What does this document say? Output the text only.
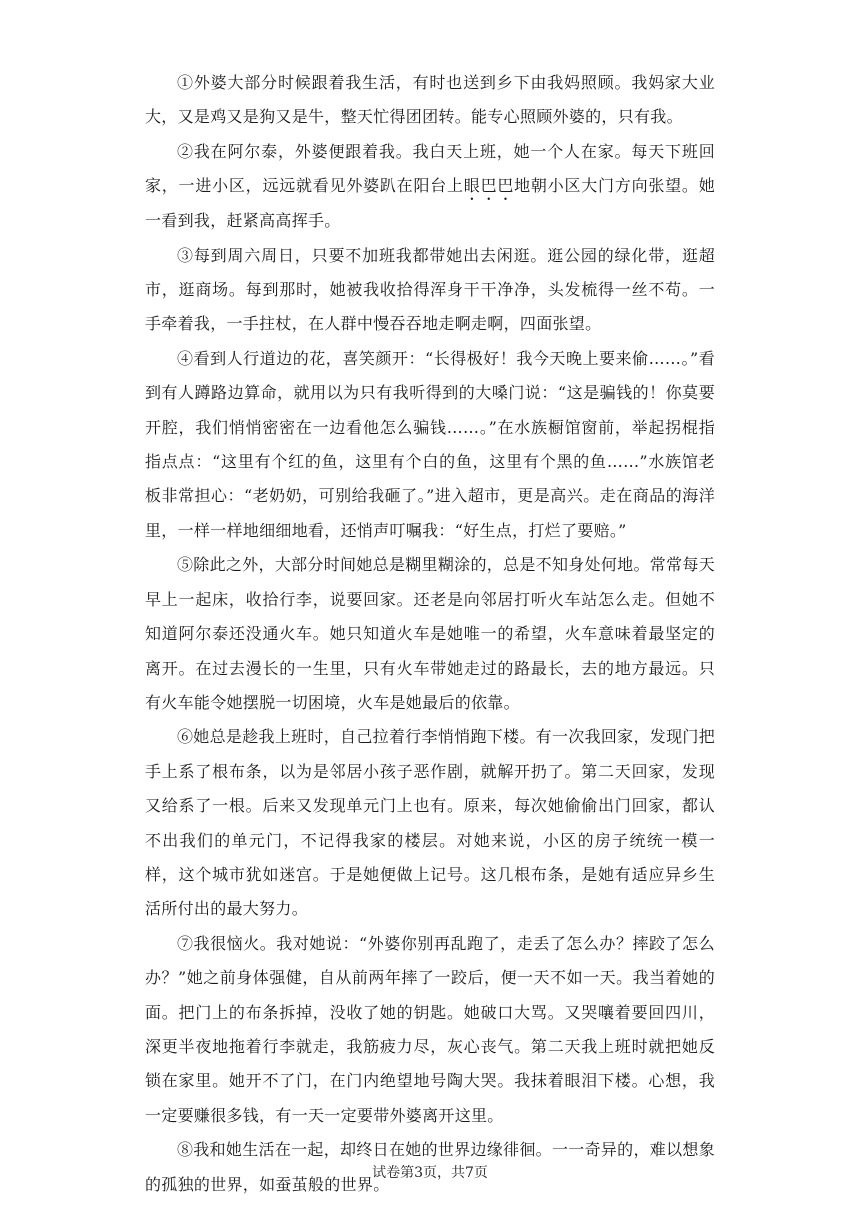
①外婆大部分时候跟着我生活，有时也送到乡下由我妈照顾。我妈家大业大，又是鸡又是狗又是牛，整天忙得团团转。能专心照顾外婆的，只有我。

②我在阿尔泰，外婆便跟着我。我白天上班，她一个人在家。每天下班回家，一进小区，远远就看见外婆趴在阳台上眼巴巴地朝小区大门方向张望。她一看到我，赶紧高高挥手。

③每到周六周日，只要不加班我都带她出去闲逛。逛公园的绿化带，逛超市，逛商场。每到那时，她被我收拾得浑身干干净净，头发梳得一丝不苟。一手牵着我，一手拄杖，在人群中慢吞吞地走啊走啊，四面张望。

④看到人行道边的花，喜笑颜开：“长得极好！我今天晚上要来偷……。”看到有人蹲路边算命，就用以为只有我听得到的大嗓门说：“这是骗钱的！你莫要开腔，我们悄悄密密在一边看他怎么骗钱……。”在水族橱馆窗前，举起拐棍指指点点：“这里有个红的鱼，这里有个白的鱼，这里有个黑的鱼……”水族馆老板非常担心：“老奶奶，可别给我砸了。”进入超市，更是高兴。走在商品的海洋里，一样一样地细细地看，还悄声叮嘱我：“好生点，打烂了要赔。”

⑤除此之外，大部分时间她总是糊里糊涂的，总是不知身处何地。常常每天早上一起床，收拾行李，说要回家。还老是向邻居打听火车站怎么走。但她不知道阿尔泰还没通火车。她只知道火车是她唯一的希望，火车意味着最坚定的离开。在过去漫长的一生里，只有火车带她走过的路最长，去的地方最远。只有火车能令她摆脱一切困境，火车是她最后的依靠。

⑥她总是趁我上班时，自己拉着行李悄悄跑下楼。有一次我回家，发现门把手上系了根布条，以为是邻居小孩子恶作剧，就解开扔了。第二天回家，发现又给系了一根。后来又发现单元门上也有。原来，每次她偷偷出门回家，都认不出我们的单元门，不记得我家的楼层。对她来说，小区的房子统统一模一样，这个城市犹如迷宫。于是她便做上记号。这几根布条，是她有适应异乡生活所付出的最大努力。

⑦我很恼火。我对她说：“外婆你别再乱跑了，走丢了怎么办？摔跤了怎么办？”她之前身体强健，自从前两年摔了一跤后，便一天不如一天。我当着她的面。把门上的布条拆掉，没收了她的钥匙。她破口大骂。又哭嚷着要回四川，深更半夜地拖着行李就走，我筋疲力尽，灰心丧气。第二天我上班时就把她反锁在家里。她开不了门，在门内绝望地号陶大哭。我抹着眼泪下楼。心想，我一定要赚很多钱，有一天一定要带外婆离开这里。

⑧我和她生活在一起，却终日在她的世界边缘徘徊。一一奇异的，难以想象的孤独的世界，如蚕茧般的世界。

试卷第3页，共7页
